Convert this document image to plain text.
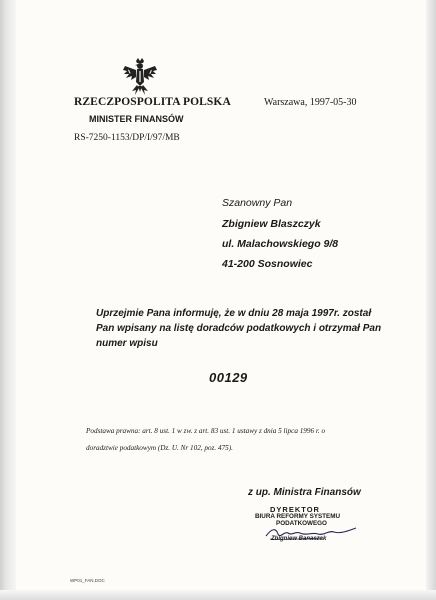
RZECZPOSPOLITA POLSKA
MINISTER FINANSÓW
RS-7250-1153/DP/I/97/MB
Warszawa, 1997-05-30
Szanowny Pan
Zbigniew Blaszczyk
ul. Malachowskiego 9/8
41-200 Sosnowiec

Uprzejmie Pana informuję, że w dniu 28 maja 1997r. został

Pan wpisany na listę doradców podatkowych i otrzymał Pan

numer wpisu

00129

Podstawa prawna: art. 8 ust. 1 w zw. z art. 83 ust. 1 ustawy z dnia 5 lipca 1996 r. o

doradztwie podatkowym (Dz. U. Nr 102, poz. 475).

z up. Ministra Finansów
DYREKTOR
BIURA REFORMY SYSTEMU
PODATKOWEGO
Zbigniew Banaszak
WP01_FAN.DOC
